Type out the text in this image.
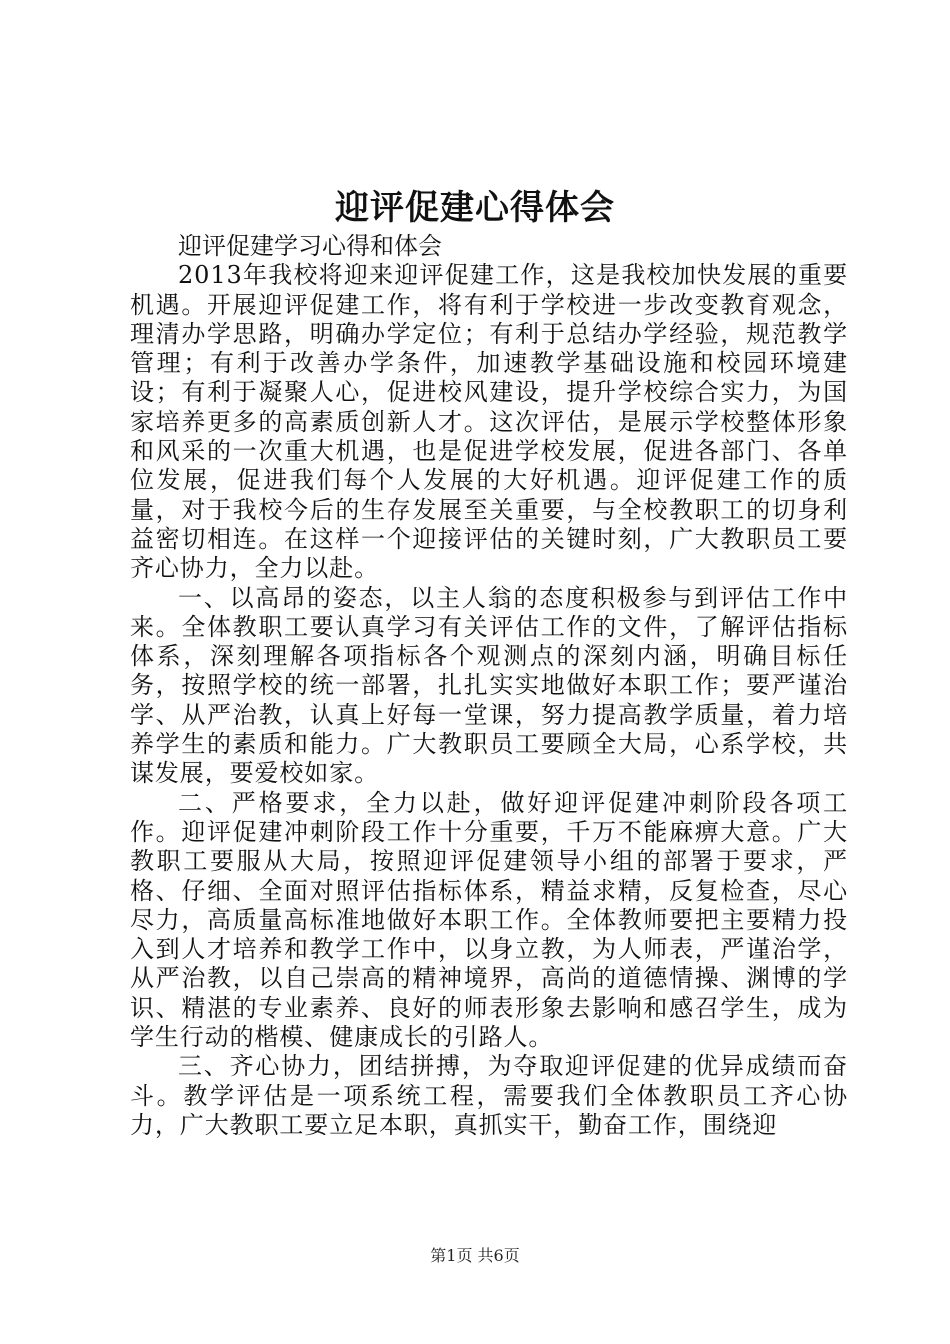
迎评促建心得体会

迎评促建学习心得和体会

2013年我校将迎来迎评促建工作，这是我校加快发展的重要机遇。开展迎评促建工作，将有利于学校进一步改变教育观念，理清办学思路，明确办学定位；有利于总结办学经验，规范教学管理；有利于改善办学条件，加速教学基础设施和校园环境建设；有利于凝聚人心，促进校风建设，提升学校综合实力，为国家培养更多的高素质创新人才。这次评估，是展示学校整体形象和风采的一次重大机遇，也是促进学校发展，促进各部门、各单位发展，促进我们每个人发展的大好机遇。迎评促建工作的质量，对于我校今后的生存发展至关重要，与全校教职工的切身利益密切相连。在这样一个迎接评估的关键时刻，广大教职员工要齐心协力，全力以赴。

一、以高昂的姿态，以主人翁的态度积极参与到评估工作中来。全体教职工要认真学习有关评估工作的文件，了解评估指标体系，深刻理解各项指标各个观测点的深刻内涵，明确目标任务，按照学校的统一部署，扎扎实实地做好本职工作；要严谨治学、从严治教，认真上好每一堂课，努力提高教学质量，着力培养学生的素质和能力。广大教职员工要顾全大局，心系学校，共谋发展，要爱校如家。

二、严格要求，全力以赴，做好迎评促建冲刺阶段各项工作。迎评促建冲刺阶段工作十分重要，千万不能麻痹大意。广大教职工要服从大局，按照迎评促建领导小组的部署于要求，严格、仔细、全面对照评估指标体系，精益求精，反复检查，尽心尽力，高质量高标准地做好本职工作。全体教师要把主要精力投入到人才培养和教学工作中，以身立教，为人师表，严谨治学，从严治教，以自己崇高的精神境界，高尚的道德情操、渊博的学识、精湛的专业素养、良好的师表形象去影响和感召学生，成为学生行动的楷模、健康成长的引路人。

三、齐心协力，团结拼搏，为夺取迎评促建的优异成绩而奋斗。教学评估是一项系统工程，需要我们全体教职员工齐心协力，广大教职工要立足本职，真抓实干，勤奋工作，围绕迎

第1页 共6页
